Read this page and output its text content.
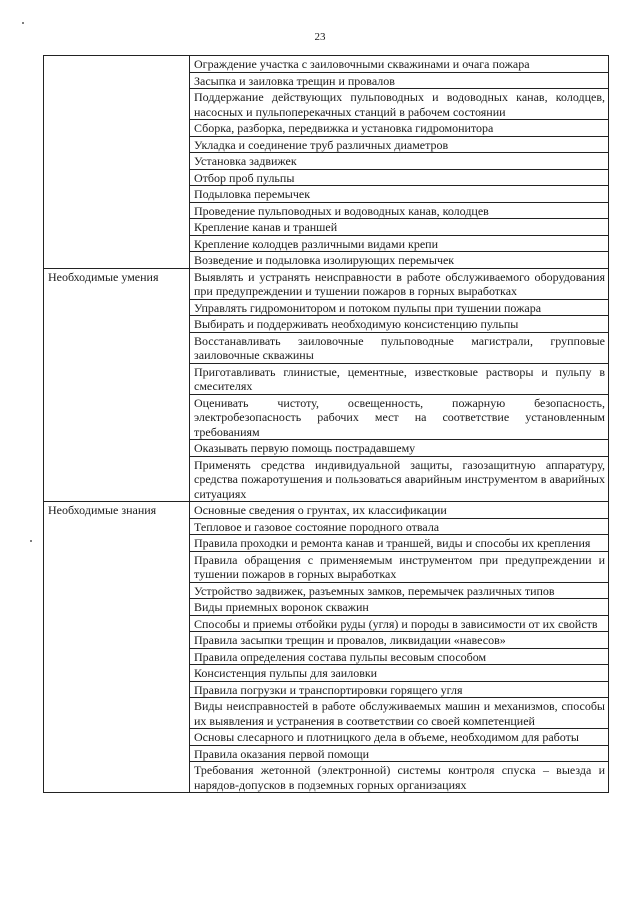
23
	Ограждение участка с заиловочными скважинами и очага пожара
	Засыпка и заиловка трещин и провалов
	Поддержание действующих пульповодных и водоводных канав, колодцев, насосных и пульпоперекачных станций в рабочем состоянии
	Сборка, разборка, передвижка и установка гидромонитора
	Укладка и соединение труб различных диаметров
	Установка задвижек
	Отбор проб пульпы
	Подыловка перемычек
	Проведение пульповодных и водоводных канав, колодцев
	Крепление канав и траншей
	Крепление колодцев различными видами крепи
	Возведение и подыловка изолирующих перемычек
Необходимые умения	Выявлять и устранять неисправности в работе обслуживаемого оборудования при предупреждении и тушении пожаров в горных выработках
	Управлять гидромонитором и потоком пульпы при тушении пожара
	Выбирать и поддерживать необходимую консистенцию пульпы
	Восстанавливать заиловочные пульповодные магистрали, групповые заиловочные скважины
	Приготавливать глинистые, цементные, известковые растворы и пульпу в смесителях
	Оценивать чистоту, освещенность, пожарную безопасность, электробезопасность рабочих мест на соответствие установленным требованиям
	Оказывать первую помощь пострадавшему
	Применять средства индивидуальной защиты, газозащитную аппаратуру, средства пожаротушения и пользоваться аварийным инструментом в аварийных ситуациях
Необходимые знания	Основные сведения о грунтах, их классификации
	Тепловое и газовое состояние породного отвала
	Правила проходки и ремонта канав и траншей, виды и способы их крепления
	Правила обращения с применяемым инструментом при предупреждении и тушении пожаров в горных выработках
	Устройство задвижек, разъемных замков, перемычек различных типов
	Виды приемных воронок скважин
	Способы и приемы отбойки руды (угля) и породы в зависимости от их свойств
	Правила засыпки трещин и провалов, ликвидации «навесов»
	Правила определения состава пульпы весовым способом
	Консистенция пульпы для заиловки
	Правила погрузки и транспортировки горящего угля
	Виды неисправностей в работе обслуживаемых машин и механизмов, способы их выявления и устранения в соответствии со своей компетенцией
	Основы слесарного и плотницкого дела в объеме, необходимом для работы
	Правила оказания первой помощи
	Требования жетонной (электронной) системы контроля спуска – выезда и нарядов-допусков в подземных горных организациях
